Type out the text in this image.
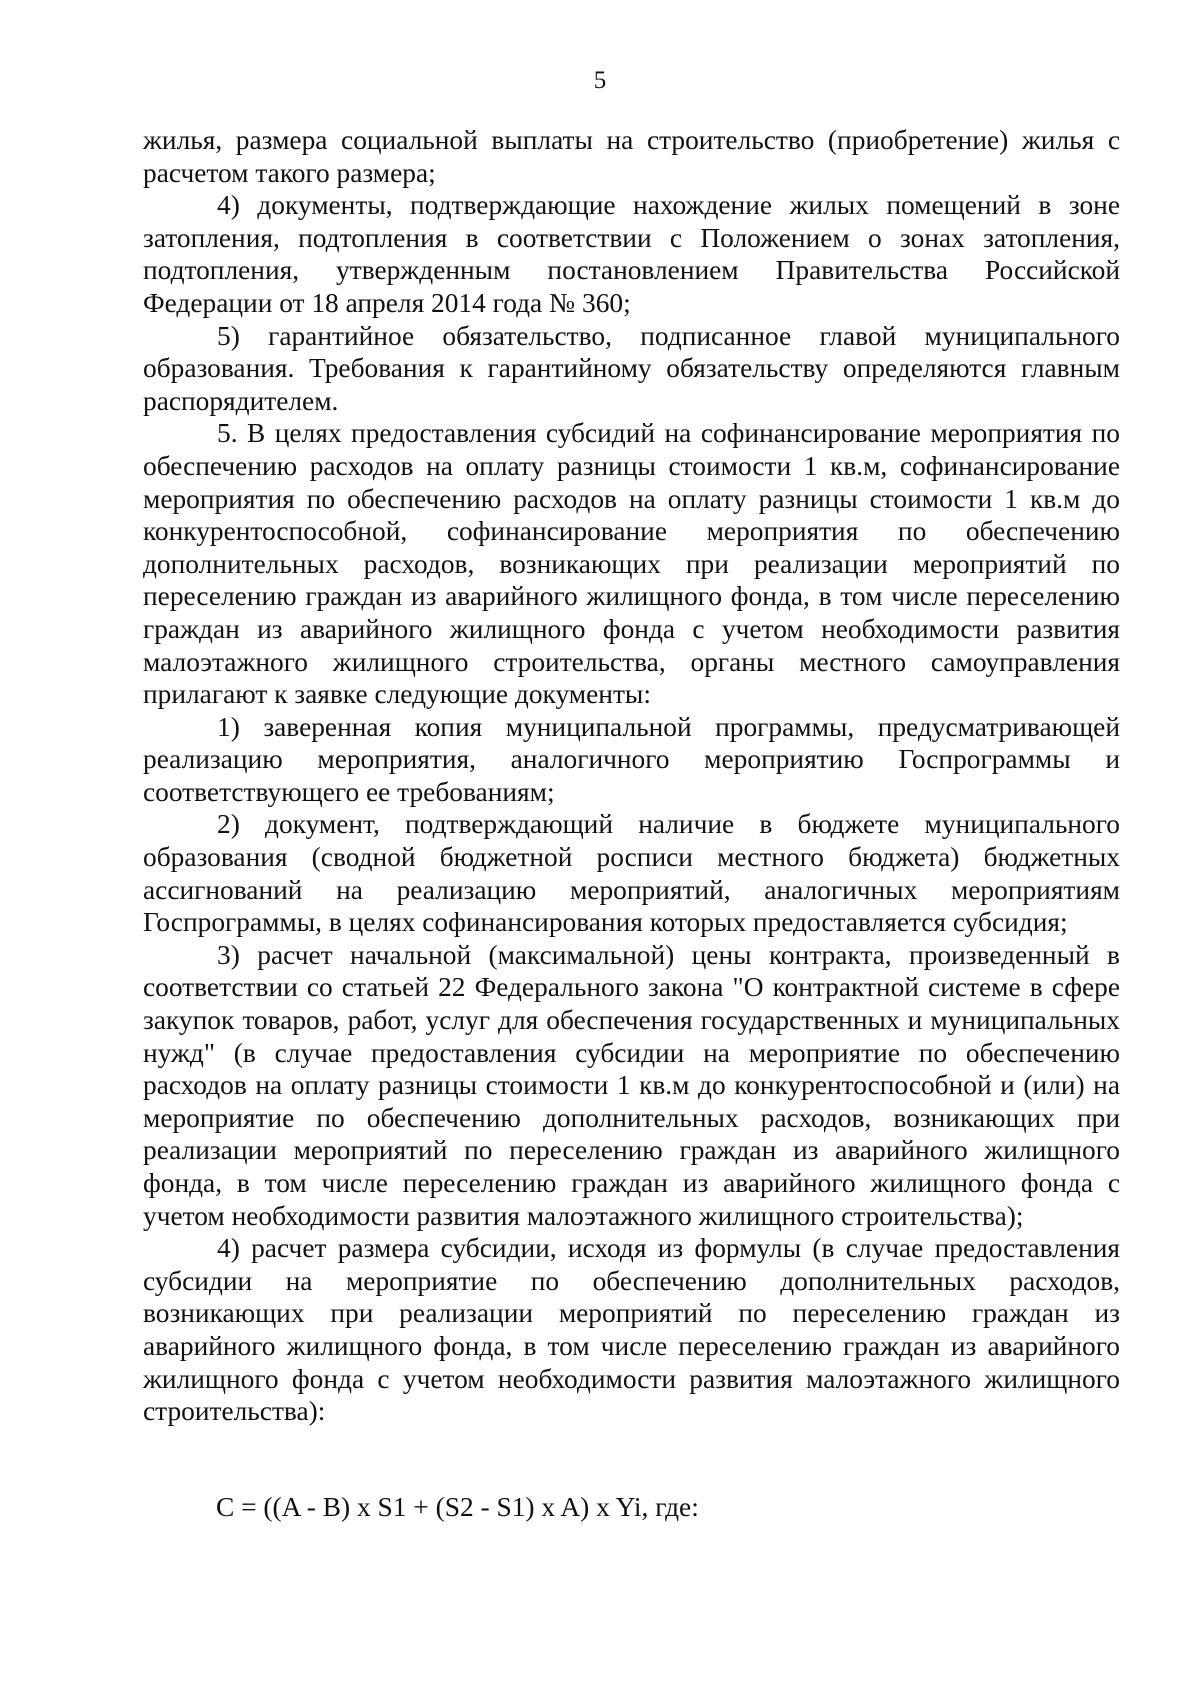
5

жилья, размера социальной выплаты на строительство (приобретение) жилья с расчетом такого размера;

4) документы, подтверждающие нахождение жилых помещений в зоне затопления, подтопления в соответствии с Положением о зонах затопления, подтопления, утвержденным постановлением Правительства Российской Федерации от 18 апреля 2014 года № 360;

5) гарантийное обязательство, подписанное главой муниципального образования. Требования к гарантийному обязательству определяются главным распорядителем.

5. В целях предоставления субсидий на софинансирование мероприятия по обеспечению расходов на оплату разницы стоимости 1 кв.м, софинансирование мероприятия по обеспечению расходов на оплату разницы стоимости 1 кв.м до конкурентоспособной, софинансирование мероприятия по обеспечению дополнительных расходов, возникающих при реализации мероприятий по переселению граждан из аварийного жилищного фонда, в том числе переселению граждан из аварийного жилищного фонда с учетом необходимости развития малоэтажного жилищного строительства, органы местного самоуправления прилагают к заявке следующие документы:

1) заверенная копия муниципальной программы, предусматривающей реализацию мероприятия, аналогичного мероприятию Госпрограммы и соответствующего ее требованиям;

2) документ, подтверждающий наличие в бюджете муниципального образования (сводной бюджетной росписи местного бюджета) бюджетных ассигнований на реализацию мероприятий, аналогичных мероприятиям Госпрограммы, в целях софинансирования которых предоставляется субсидия;

3) расчет начальной (максимальной) цены контракта, произведенный в соответствии со статьей 22 Федерального закона "О контрактной системе в сфере закупок товаров, работ, услуг для обеспечения государственных и муниципальных нужд" (в случае предоставления субсидии на мероприятие по обеспечению расходов на оплату разницы стоимости 1 кв.м до конкурентоспособной и (или) на мероприятие по обеспечению дополнительных расходов, возникающих при реализации мероприятий по переселению граждан из аварийного жилищного фонда, в том числе переселению граждан из аварийного жилищного фонда с учетом необходимости развития малоэтажного жилищного строительства);

4) расчет размера субсидии, исходя из формулы (в случае предоставления субсидии на мероприятие по обеспечению дополнительных расходов, возникающих при реализации мероприятий по переселению граждан из аварийного жилищного фонда, в том числе переселению граждан из аварийного жилищного фонда с учетом необходимости развития малоэтажного жилищного строительства):

C = ((A - B) x S1 + (S2 - S1) x A) x Yi, где:
